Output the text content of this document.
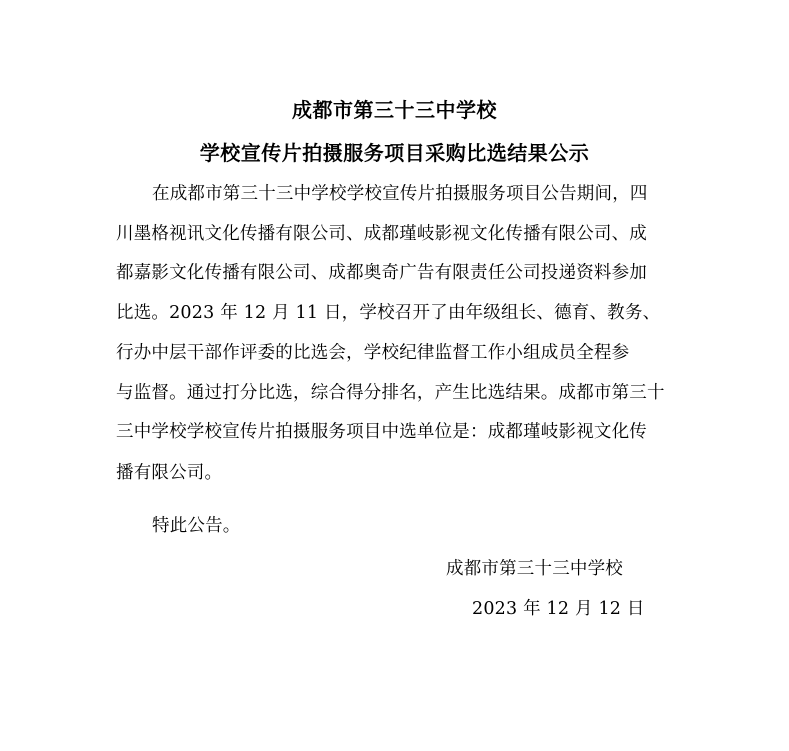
成都市第三十三中学校
学校宣传片拍摄服务项目采购比选结果公示
在成都市第三十三中学校学校宣传片拍摄服务项目公告期间，四
川墨格视讯文化传播有限公司、成都瑾岐影视文化传播有限公司、成
都嘉影文化传播有限公司、成都奥奇广告有限责任公司投递资料参加
比选。2023 年 12 月 11 日，学校召开了由年级组长、德育、教务、
行办中层干部作评委的比选会，学校纪律监督工作小组成员全程参
与监督。通过打分比选，综合得分排名，产生比选结果。成都市第三十
三中学校学校宣传片拍摄服务项目中选单位是：成都瑾岐影视文化传
播有限公司。
特此公告。
成都市第三十三中学校
2023 年 12 月 12 日
